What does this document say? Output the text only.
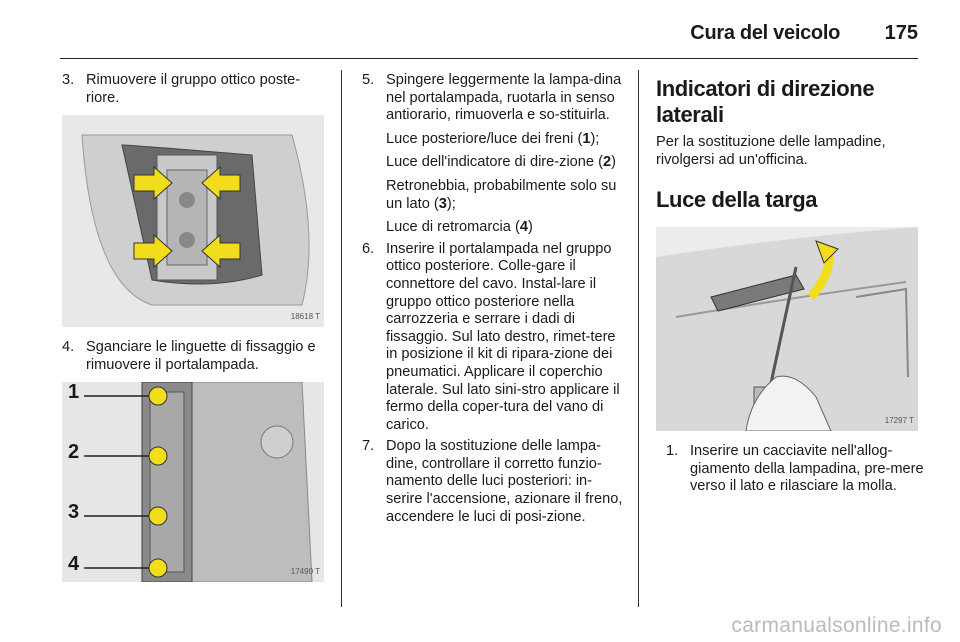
Cura del veicolo 175

3. Rimuovere il gruppo ottico poste-riore.

18618 T

4. Sganciare le linguette di fissaggio e rimuovere il portalampada.

1
2
3
4	17490 T

5. Spingere leggermente la lampa-dina nel portalampada, ruotarla in senso antiorario, rimuoverla e so-stituirla.

Luce posteriore/luce dei freni (1);
Luce dell'indicatore di dire-zione (2)
Retronebbia, probabilmente solo su un lato (3);
Luce di retromarcia (4)

6. Inserire il portalampada nel gruppo ottico posteriore. Colle-gare il connettore del cavo. Instal-lare il gruppo ottico posteriore nella carrozzeria e serrare i dadi di fissaggio. Sul lato destro, rimet-tere in posizione il kit di ripara-zione dei pneumatici. Applicare il coperchio laterale. Sul lato sini-stro applicare il fermo della coper-tura del vano di carico.

7. Dopo la sostituzione delle lampa-dine, controllare il corretto funzio-namento delle luci posteriori: in-serire l'accensione, azionare il freno, accendere le luci di posi-zione.

Indicatori di direzione laterali

Per la sostituzione delle lampadine, rivolgersi ad un'officina.

Luce della targa
17297 T

1. Inserire un cacciavite nell'allog-giamento della lampadina, pre-mere verso il lato e rilasciare la molla.

carmanualsonline.info
